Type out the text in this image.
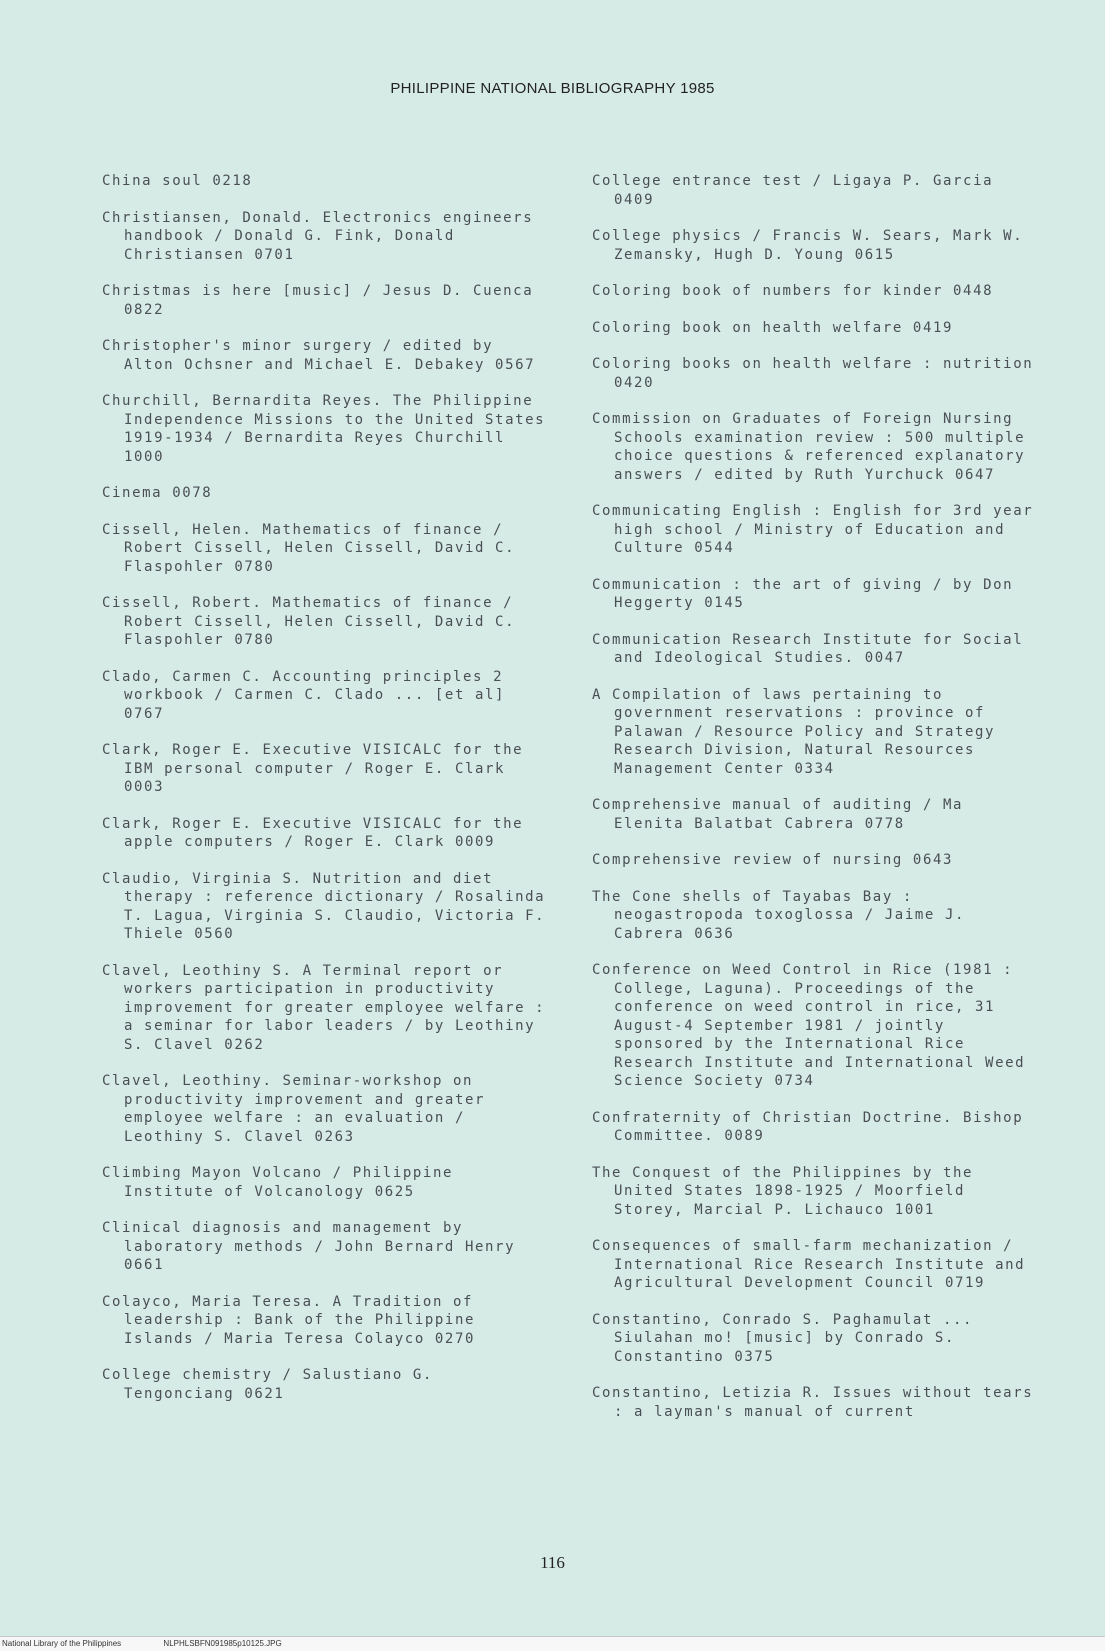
PHILIPPINE NATIONAL BIBLIOGRAPHY 1985

China soul 0218

Christiansen, Donald. Electronics engineers handbook / Donald G. Fink, Donald Christiansen 0701

Christmas is here [music] / Jesus D. Cuenca 0822

Christopher's minor surgery / edited by Alton Ochsner and Michael E. Debakey 0567

Churchill, Bernardita Reyes. The Philippine Independence Missions to the United States 1919-1934 / Bernardita Reyes Churchill 1000

Cinema 0078

Cissell, Helen. Mathematics of finance / Robert Cissell, Helen Cissell, David C. Flaspohler 0780

Cissell, Robert. Mathematics of finance / Robert Cissell, Helen Cissell, David C. Flaspohler 0780

Clado, Carmen C. Accounting principles 2 workbook / Carmen C. Clado ... [et al] 0767

Clark, Roger E. Executive VISICALC for the IBM personal computer / Roger E. Clark 0003

Clark, Roger E. Executive VISICALC for the apple computers / Roger E. Clark 0009

Claudio, Virginia S. Nutrition and diet therapy : reference dictionary / Rosalinda T. Lagua, Virginia S. Claudio, Victoria F. Thiele 0560

Clavel, Leothiny S. A Terminal report or workers participation in productivity improvement for greater employee welfare : a seminar for labor leaders / by Leothiny S. Clavel 0262

Clavel, Leothiny. Seminar-workshop on productivity improvement and greater employee welfare : an evaluation / Leothiny S. Clavel 0263

Climbing Mayon Volcano / Philippine Institute of Volcanology 0625

Clinical diagnosis and management by laboratory methods / John Bernard Henry 0661

Colayco, Maria Teresa. A Tradition of leadership : Bank of the Philippine Islands / Maria Teresa Colayco 0270

College chemistry / Salustiano G. Tengonciang 0621

College entrance test / Ligaya P. Garcia 0409

College physics / Francis W. Sears, Mark W. Zemansky, Hugh D. Young 0615

Coloring book of numbers for kinder 0448

Coloring book on health welfare 0419

Coloring books on health welfare : nutrition 0420

Commission on Graduates of Foreign Nursing Schools examination review : 500 multiple choice questions & referenced explanatory answers / edited by Ruth Yurchuck 0647

Communicating English : English for 3rd year high school / Ministry of Education and Culture 0544

Communication : the art of giving / by Don Heggerty 0145

Communication Research Institute for Social and Ideological Studies. 0047

A Compilation of laws pertaining to government reservations : province of Palawan / Resource Policy and Strategy Research Division, Natural Resources Management Center 0334

Comprehensive manual of auditing / Ma Elenita Balatbat Cabrera 0778

Comprehensive review of nursing 0643

The Cone shells of Tayabas Bay : neogastropoda toxoglossa / Jaime J. Cabrera 0636

Conference on Weed Control in Rice (1981 : College, Laguna). Proceedings of the conference on weed control in rice, 31 August-4 September 1981 / jointly sponsored by the International Rice Research Institute and International Weed Science Society 0734

Confraternity of Christian Doctrine. Bishop Committee. 0089

The Conquest of the Philippines by the United States 1898-1925 / Moorfield Storey, Marcial P. Lichauco 1001

Consequences of small-farm mechanization / International Rice Research Institute and Agricultural Development Council 0719

Constantino, Conrado S. Paghamulat ... Siulahan mo! [music] by Conrado S. Constantino 0375

Constantino, Letizia R. Issues without tears : a layman's manual of current

116
National Library of the Philippines	NLPHLSBFN091985p10125.JPG
